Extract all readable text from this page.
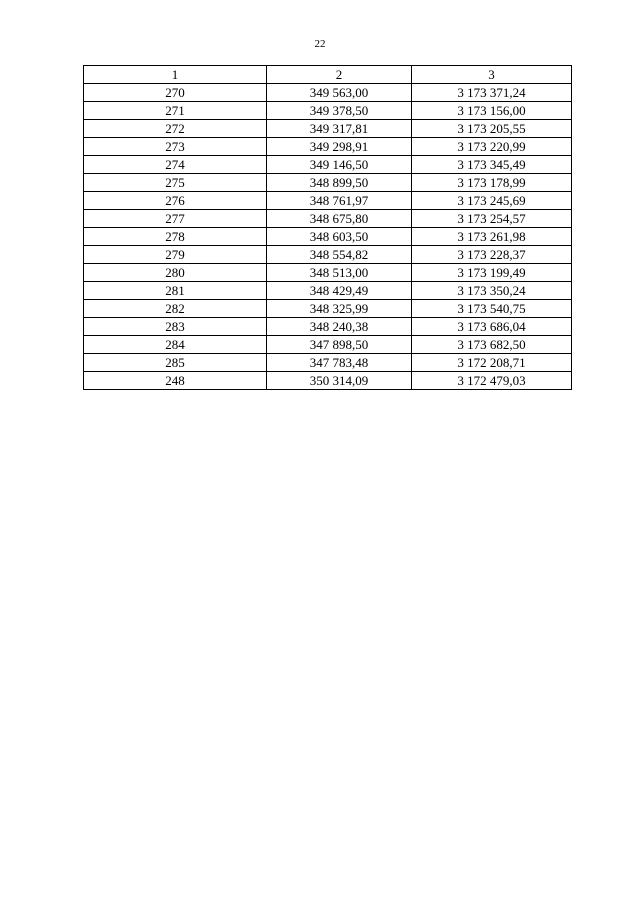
22
1	2	3
270	349 563,00	3 173 371,24
271	349 378,50	3 173 156,00
272	349 317,81	3 173 205,55
273	349 298,91	3 173 220,99
274	349 146,50	3 173 345,49
275	348 899,50	3 173 178,99
276	348 761,97	3 173 245,69
277	348 675,80	3 173 254,57
278	348 603,50	3 173 261,98
279	348 554,82	3 173 228,37
280	348 513,00	3 173 199,49
281	348 429,49	3 173 350,24
282	348 325,99	3 173 540,75
283	348 240,38	3 173 686,04
284	347 898,50	3 173 682,50
285	347 783,48	3 172 208,71
248	350 314,09	3 172 479,03
